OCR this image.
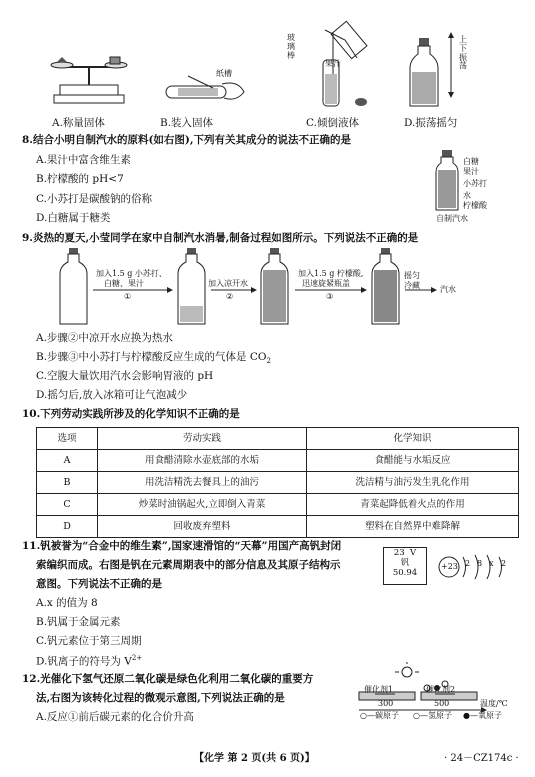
A.称量固体
纸槽
B.装入固体
玻璃棒
果汁
C.倾倒液体
上下振荡
D.振荡摇匀
8.结合小明自制汽水的原料(如右图),下列有关其成分的说法不正确的是
A.果汁中富含维生素
B.柠檬酸的 pH<7
C.小苏打是碳酸钠的俗称
D.白糖属于糖类
白糖
果汁
小苏打
水
柠檬酸
自制汽水
9.炎热的夏天,小莹同学在家中自制汽水消暑,制备过程如图所示。下列说法不正确的是
加入1.5 g 小苏打、
白糖、果汁
①
加入凉开水
②
加入1.5 g 柠檬酸,
迅速旋紧瓶盖
③
摇匀
冷藏	汽水
A.步骤②中凉开水应换为热水
B.步骤③中小苏打与柠檬酸反应生成的气体是 $CO_2$
C.空腹大量饮用汽水会影响胃液的 pH
D.摇匀后,放入冰箱可让气泡减少
10.下列劳动实践所涉及的化学知识不正确的是
选项	劳动实践	化学知识
A	用食醋清除水壶底部的水垢	食醋能与水垢反应
B	用洗洁精洗去餐具上的油污	洗洁精与油污发生乳化作用
C	炒菜时油锅起火,立即倒入青菜	青菜起降低着火点的作用
D	回收废弃塑料	塑料在自然界中难降解
11.钒被誉为“合金中的维生素”,国家速滑馆的“天幕”用国产高钒封闭
索编织而成。右图是钒在元素周期表中的部分信息及其原子结构示
意图。下列说法不正确的是
A.x 的值为 8
B.钒属于金属元素
C.钒元素位于第三周期
D.钒离子的符号为 $V^{2+}$
23 V
钒
50.94
+23 2 8 x 2
12.光催化下氢气还原二氧化碳是绿色化利用二氧化碳的重要方
法,右图为该转化过程的微观示意图,下列说法正确的是
A.反应①前后碳元素的化合价升高
催化剂1	催化剂2
300	500	温度/℃
○—碳原子 ○—氢原子 ●—氧原子
【化学 第 2 页(共 6 页)】	· 24－CZ174c ·
